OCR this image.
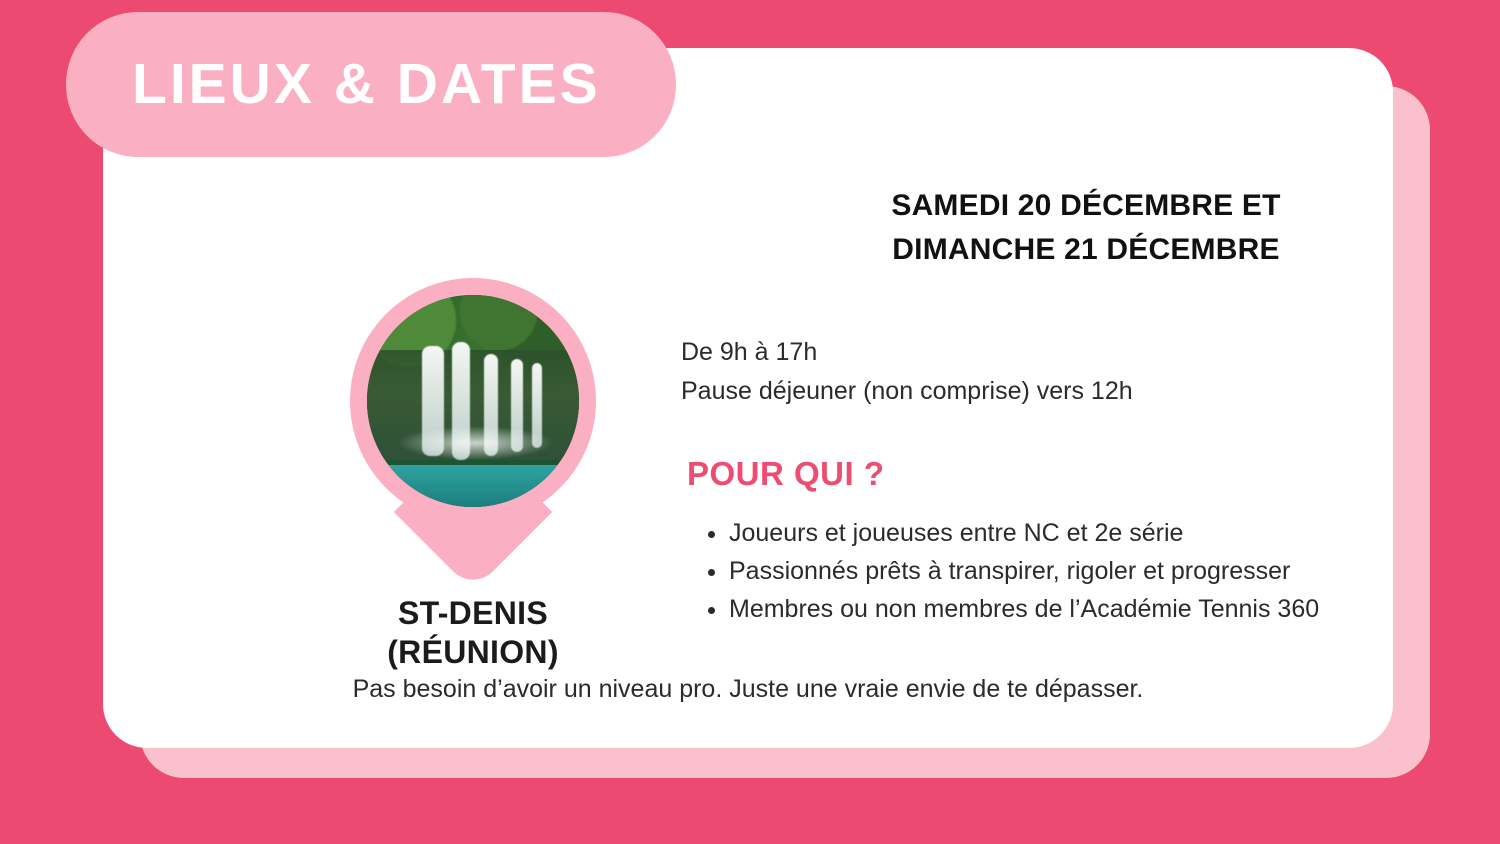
ST-DENIS
(RÉUNION)

SAMEDI 20 DÉCEMBRE ET
DIMANCHE 21 DÉCEMBRE

De 9h à 17h
Pause déjeuner (non comprise) vers 12h

POUR QUI ?
• Joueurs et joueuses entre NC et 2e série
• Passionnés prêts à transpirer, rigoler et progresser
• Membres ou non membres de l’Académie Tennis 360
LIEUX & DATES
Pas besoin d’avoir un niveau pro. Juste une vraie envie de te dépasser.
